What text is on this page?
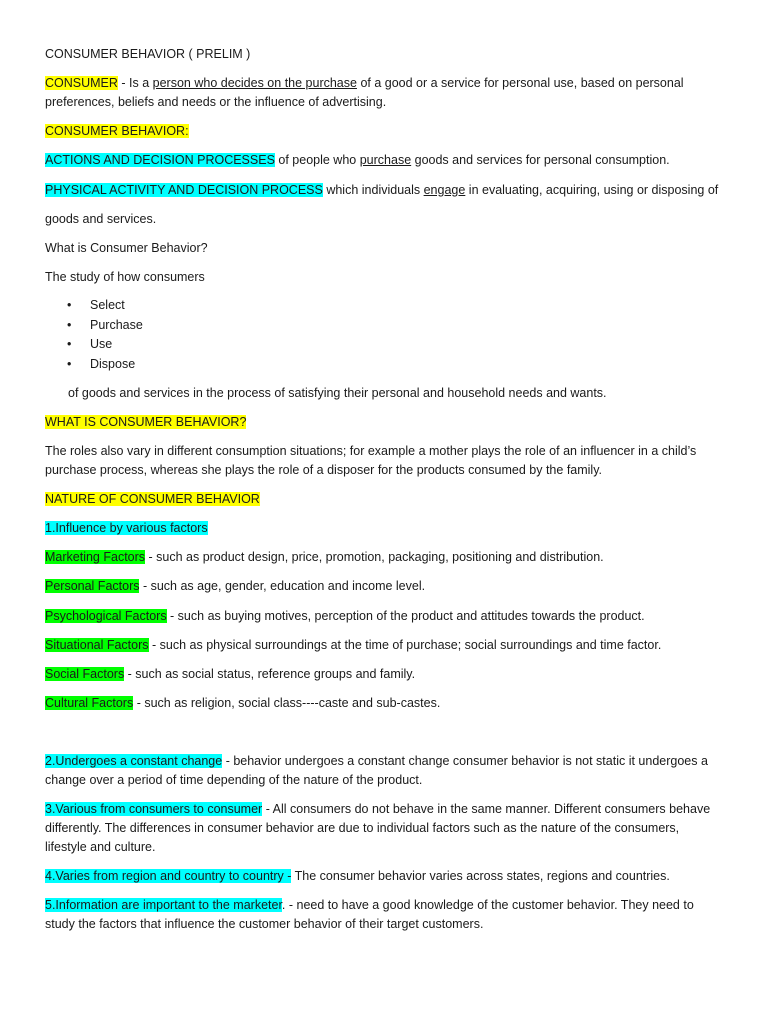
CONSUMER BEHAVIOR ( PRELIM )
CONSUMER - Is a person who decides on the purchase of a good or a service for personal use, based on personal preferences, beliefs and needs or the influence of advertising.
CONSUMER BEHAVIOR:
ACTIONS AND DECISION PROCESSES of people who purchase goods and services for personal consumption.
PHYSICAL ACTIVITY AND DECISION PROCESS which individuals engage in evaluating, acquiring, using or disposing of
goods and services.
What is Consumer Behavior?
The study of how consumers
• Select
• Purchase
• Use
• Dispose
of goods and services in the process of satisfying their personal and household needs and wants.
WHAT IS CONSUMER BEHAVIOR?
The roles also vary in different consumption situations; for example a mother plays the role of an influencer in a child’s purchase process, whereas she plays the role of a disposer for the products consumed by the family.
NATURE OF CONSUMER BEHAVIOR
1.Influence by various factors
Marketing Factors - such as product design, price, promotion, packaging, positioning and distribution.
Personal Factors - such as age, gender, education and income level.
Psychological Factors - such as buying motives, perception of the product and attitudes towards the product.
Situational Factors - such as physical surroundings at the time of purchase; social surroundings and time factor.
Social Factors - such as social status, reference groups and family.
Cultural Factors - such as religion, social class----caste and sub-castes.
2.Undergoes a constant change - behavior undergoes a constant change consumer behavior is not static it undergoes a change over a period of time depending of the nature of the product.
3.Various from consumers to consumer - All consumers do not behave in the same manner. Different consumers behave differently. The differences in consumer behavior are due to individual factors such as the nature of the consumers, lifestyle and culture.
4.Varies from region and country to country - The consumer behavior varies across states, regions and countries.
5.Information are important to the marketer. - need to have a good knowledge of the customer behavior. They need to study the factors that influence the customer behavior of their target customers.
